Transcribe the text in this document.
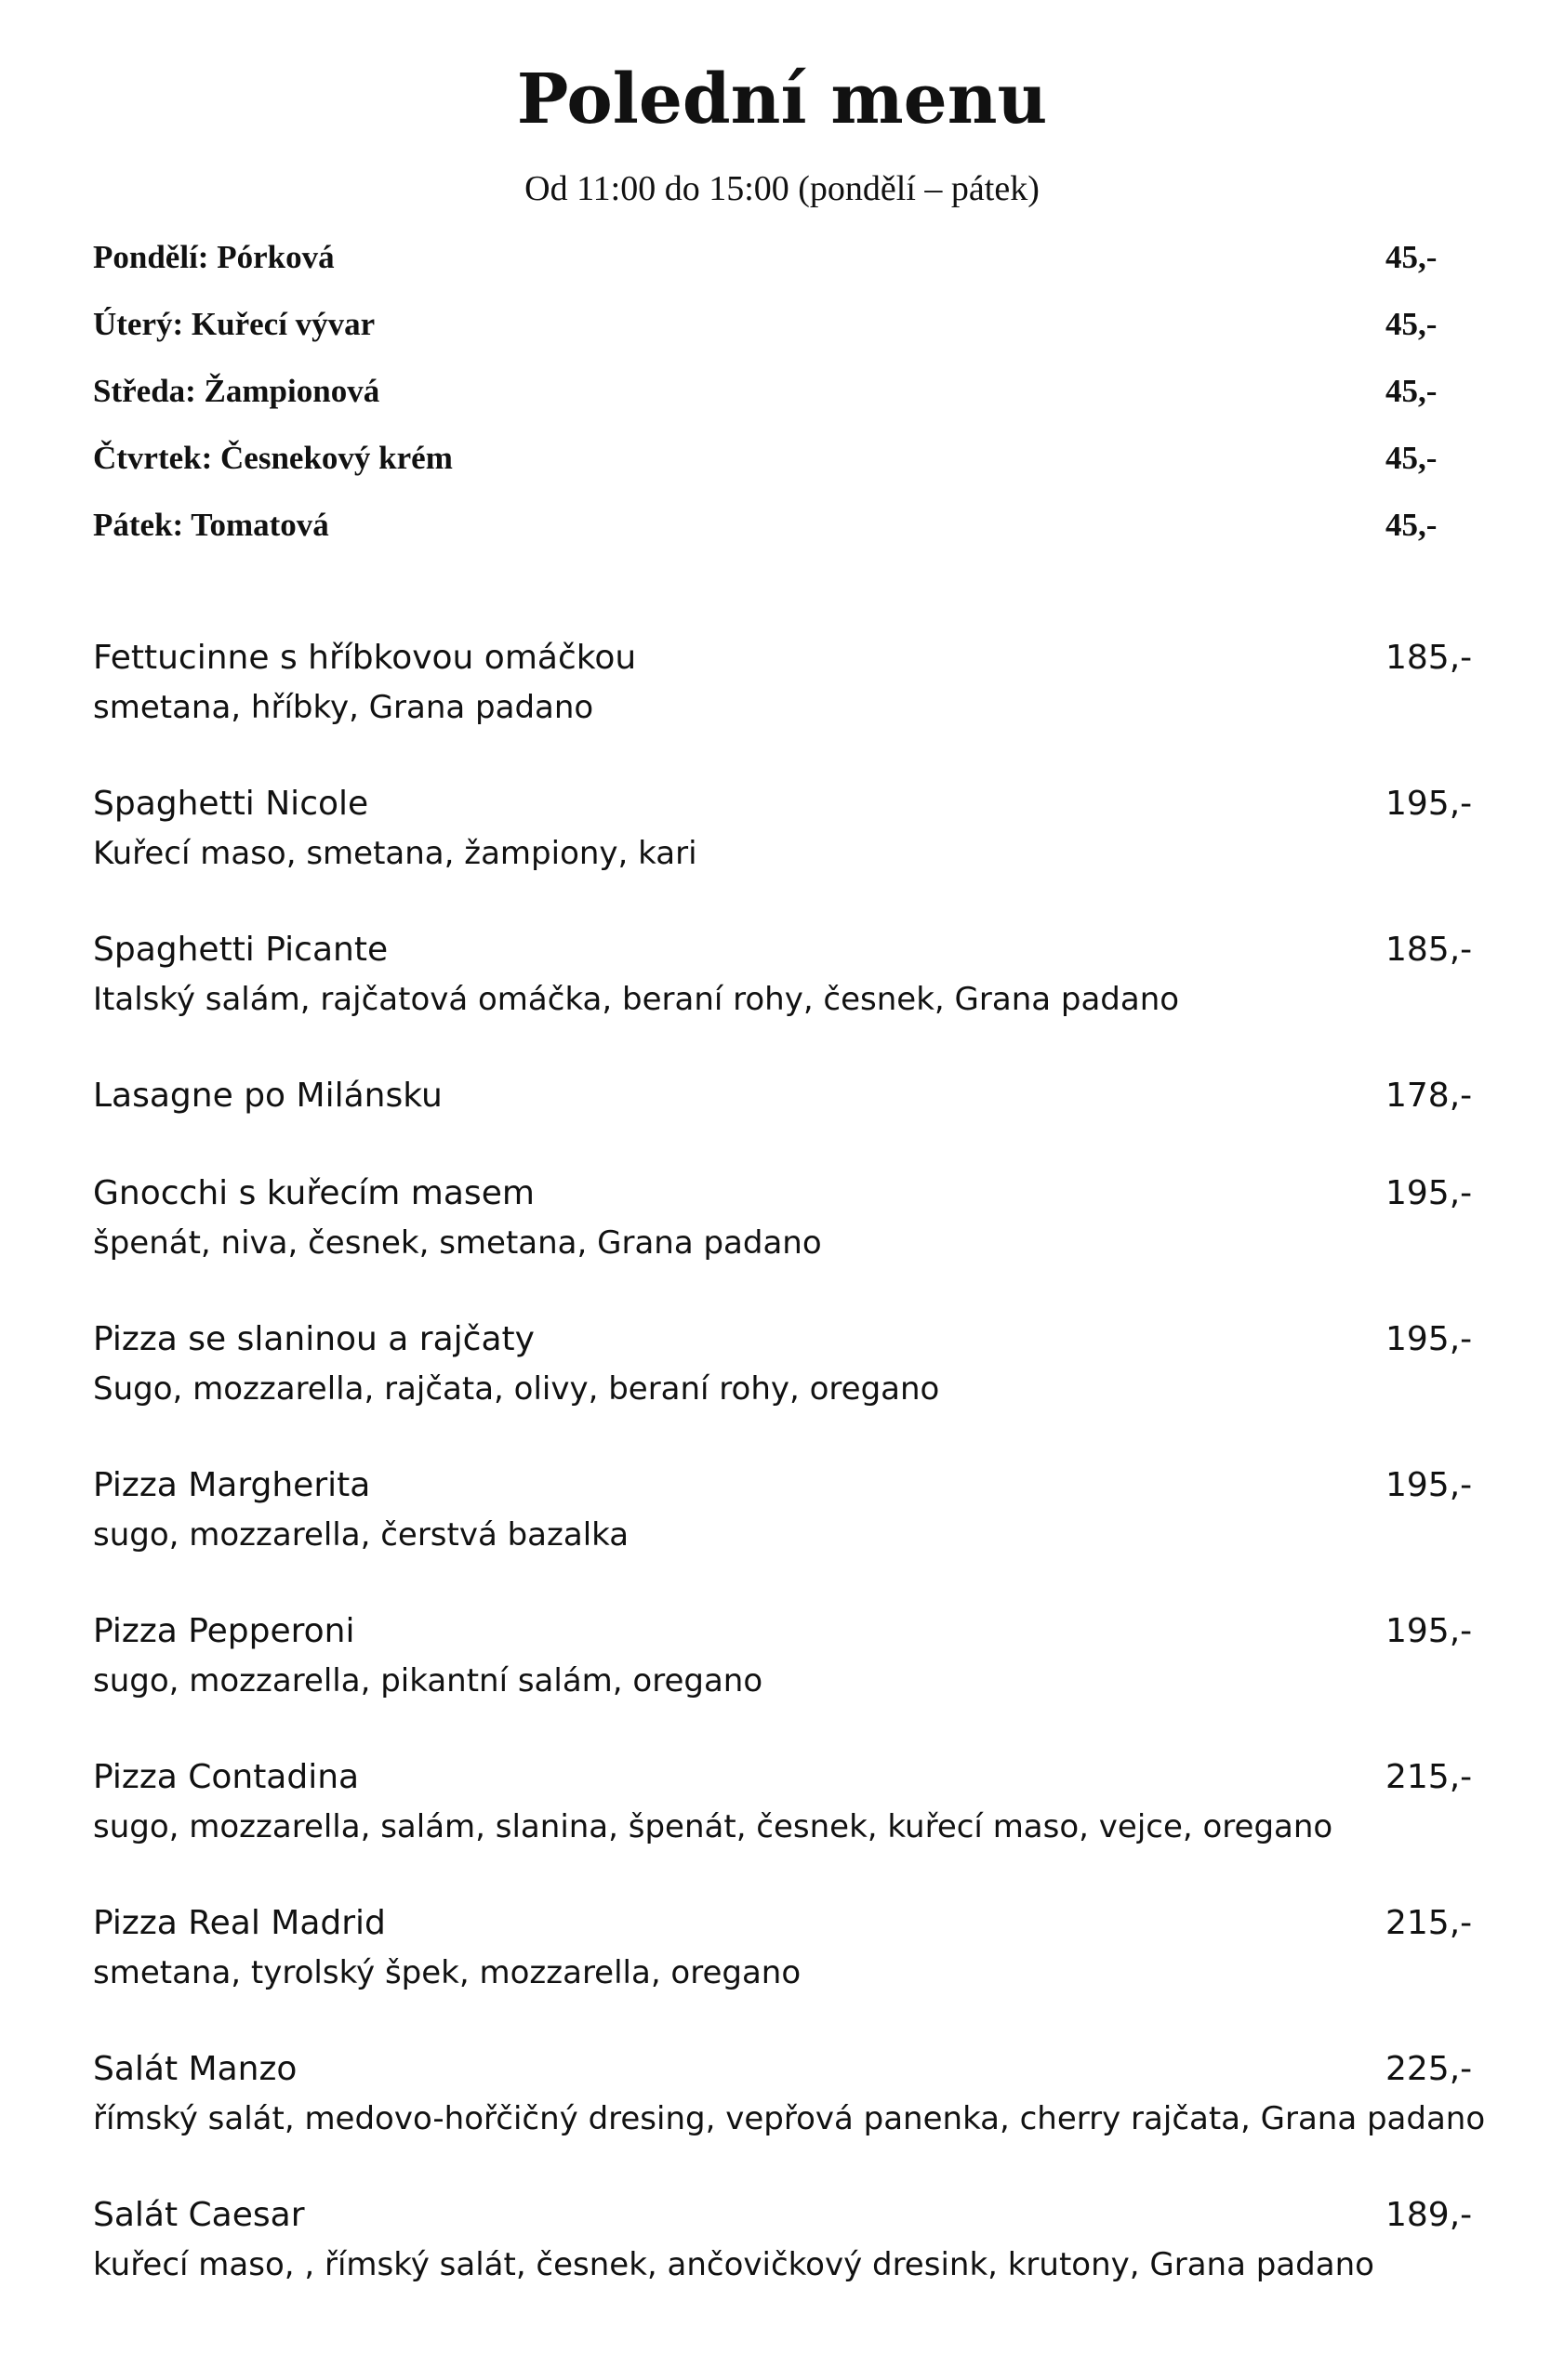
Polední menu

Od 11:00 do 15:00 (pondělí – pátek)

Pondělí: Pórková	45,-
Úterý: Kuřecí vývar	45,-
Středa: Žampionová	45,-
Čtvrtek: Česnekový krém	45,-
Pátek: Tomatová	45,-
Fettucinne s hříbkovou omáčkou	185,-
smetana, hříbky, Grana padano
Spaghetti Nicole	195,-
Kuřecí maso, smetana, žampiony, kari
Spaghetti Picante	185,-
Italský salám, rajčatová omáčka, beraní rohy, česnek, Grana padano
Lasagne po Milánsku	178,-
Gnocchi s kuřecím masem	195,-
špenát, niva, česnek, smetana, Grana padano
Pizza se slaninou a rajčaty	195,-
Sugo, mozzarella, rajčata, olivy, beraní rohy, oregano
Pizza Margherita	195,-
sugo, mozzarella, čerstvá bazalka
Pizza Pepperoni	195,-
sugo, mozzarella, pikantní salám, oregano
Pizza Contadina	215,-
sugo, mozzarella, salám, slanina, špenát, česnek, kuřecí maso, vejce, oregano
Pizza Real Madrid	215,-
smetana, tyrolský špek, mozzarella, oregano
Salát Manzo	225,-
římský salát, medovo-hořčičný dresing, vepřová panenka, cherry rajčata, Grana padano
Salát Caesar	189,-
kuřecí maso, , římský salát, česnek, ančovičkový dresink, krutony, Grana padano
